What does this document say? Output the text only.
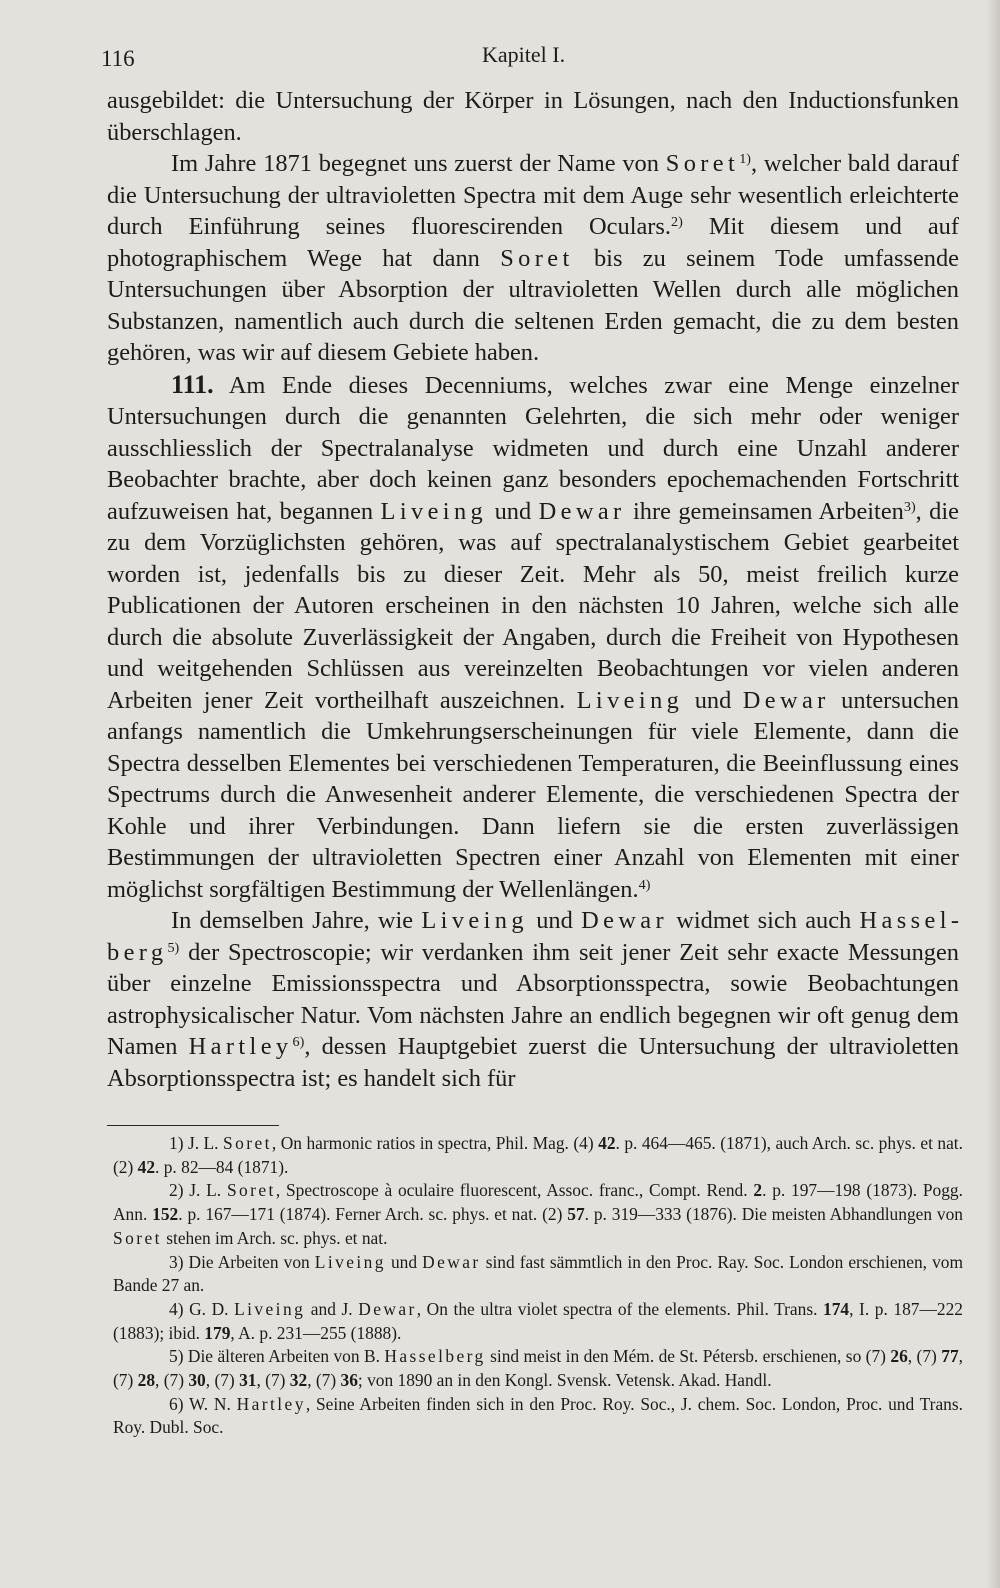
116	Kapitel I.

ausgebildet: die Untersuchung der Körper in Lösungen, nach den Inductionsfunken überschlagen.

Im Jahre 1871 begegnet uns zuerst der Name von Soret$^{1)}$, welcher bald darauf die Untersuchung der ultravioletten Spectra mit dem Auge sehr wesentlich erleichterte durch Einführung seines fluorescirenden Oculars.$^{2)}$ Mit diesem und auf photographischem Wege hat dann Soret bis zu seinem Tode umfassende Untersuchungen über Absorption der ultravioletten Wellen durch alle möglichen Substanzen, namentlich auch durch die seltenen Erden gemacht, die zu dem besten gehören, was wir auf diesem Gebiete haben.

111. Am Ende dieses Decenniums, welches zwar eine Menge einzelner Untersuchungen durch die genannten Gelehrten, die sich mehr oder weniger ausschliesslich der Spectralanalyse widmeten und durch eine Unzahl anderer Beobachter brachte, aber doch keinen ganz besonders epochemachenden Fortschritt aufzuweisen hat, begannen Liveing und Dewar ihre gemeinsamen Arbeiten$^{3)}$, die zu dem Vorzüglichsten gehören, was auf spectralanalystischem Gebiet gearbeitet worden ist, jedenfalls bis zu dieser Zeit. Mehr als 50, meist freilich kurze Publicationen der Autoren erscheinen in den nächsten 10 Jahren, welche sich alle durch die absolute Zuverlässigkeit der Angaben, durch die Freiheit von Hypothesen und weitgehenden Schlüssen aus vereinzelten Beobachtungen vor vielen anderen Arbeiten jener Zeit vortheilhaft auszeichnen. Liveing und Dewar untersuchen anfangs namentlich die Umkehrungserscheinungen für viele Elemente, dann die Spectra desselben Elementes bei verschiedenen Temperaturen, die Beeinflussung eines Spectrums durch die Anwesenheit anderer Elemente, die verschiedenen Spectra der Kohle und ihrer Verbindungen. Dann liefern sie die ersten zuverlässigen Bestimmungen der ultravioletten Spectren einer Anzahl von Elementen mit einer möglichst sorgfältigen Bestimmung der Wellenlängen.$^{4)}$

In demselben Jahre, wie Liveing und Dewar widmet sich auch Hasselberg$^{5)}$ der Spectroscopie; wir verdanken ihm seit jener Zeit sehr exacte Messungen über einzelne Emissionsspectra und Absorptionsspectra, sowie Beobachtungen astrophysicalischer Natur. Vom nächsten Jahre an endlich begegnen wir oft genug dem Namen Hartley$^{6)}$, dessen Hauptgebiet zuerst die Untersuchung der ultravioletten Absorptionsspectra ist; es handelt sich für

1) J. L. Soret, On harmonic ratios in spectra, Phil. Mag. (4) 42. p. 464—465. (1871), auch Arch. sc. phys. et nat. (2) 42. p. 82—84 (1871).

2) J. L. Soret, Spectroscope à oculaire fluorescent, Assoc. franc., Compt. Rend. 2. p. 197—198 (1873). Pogg. Ann. 152. p. 167—171 (1874). Ferner Arch. sc. phys. et nat. (2) 57. p. 319—333 (1876). Die meisten Abhandlungen von Soret stehen im Arch. sc. phys. et nat.

3) Die Arbeiten von Liveing und Dewar sind fast sämmtlich in den Proc. Ray. Soc. London erschienen, vom Bande 27 an.

4) G. D. Liveing and J. Dewar, On the ultra violet spectra of the elements. Phil. Trans. 174, I. p. 187—222 (1883); ibid. 179, A. p. 231—255 (1888).

5) Die älteren Arbeiten von B. Hasselberg sind meist in den Mém. de St. Pétersb. erschienen, so (7) 26, (7) 77, (7) 28, (7) 30, (7) 31, (7) 32, (7) 36; von 1890 an in den Kongl. Svensk. Vetensk. Akad. Handl.

6) W. N. Hartley, Seine Arbeiten finden sich in den Proc. Roy. Soc., J. chem. Soc. London, Proc. und Trans. Roy. Dubl. Soc.
